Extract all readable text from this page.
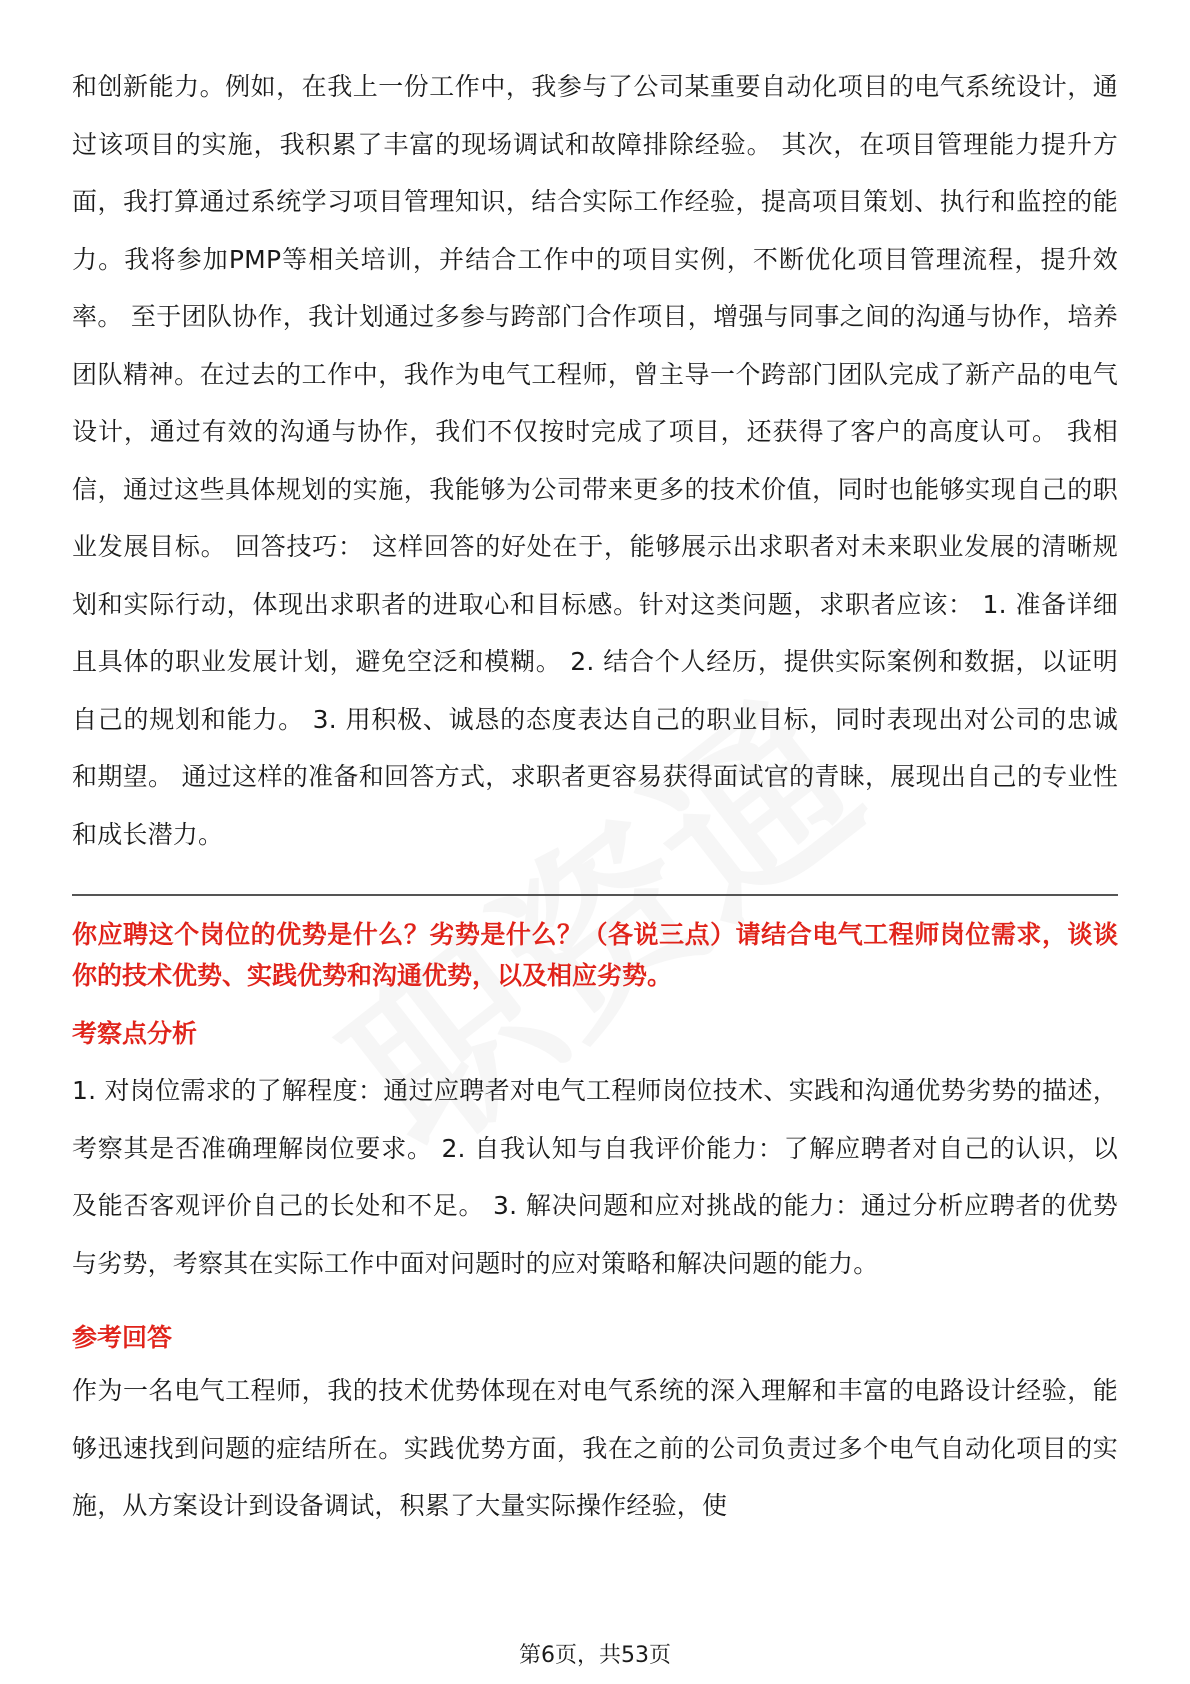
和创新能力。例如，在我上一份工作中，我参与了公司某重要自动化项目的电气系统设计，通过该项目的实施，我积累了丰富的现场调试和故障排除经验。 其次，在项目管理能力提升方面，我打算通过系统学习项目管理知识，结合实际工作经验，提高项目策划、执行和监控的能力。我将参加PMP等相关培训，并结合工作中的项目实例，不断优化项目管理流程，提升效率。 至于团队协作，我计划通过多参与跨部门合作项目，增强与同事之间的沟通与协作，培养团队精神。在过去的工作中，我作为电气工程师，曾主导一个跨部门团队完成了新产品的电气设计，通过有效的沟通与协作，我们不仅按时完成了项目，还获得了客户的高度认可。 我相信，通过这些具体规划的实施，我能够为公司带来更多的技术价值，同时也能够实现自己的职业发展目标。 回答技巧： 这样回答的好处在于，能够展示出求职者对未来职业发展的清晰规划和实际行动，体现出求职者的进取心和目标感。针对这类问题，求职者应该： 1. 准备详细且具体的职业发展计划，避免空泛和模糊。 2. 结合个人经历，提供实际案例和数据，以证明自己的规划和能力。 3. 用积极、诚恳的态度表达自己的职业目标，同时表现出对公司的忠诚和期望。 通过这样的准备和回答方式，求职者更容易获得面试官的青睐，展现出自己的专业性和成长潜力。

你应聘这个岗位的优势是什么？劣势是什么？（各说三点）请结合电气工程师岗位需求，谈谈你的技术优势、实践优势和沟通优势，以及相应劣势。

考察点分析

1. 对岗位需求的了解程度：通过应聘者对电气工程师岗位技术、实践和沟通优势劣势的描述，考察其是否准确理解岗位要求。 2. 自我认知与自我评价能力：了解应聘者对自己的认识，以及能否客观评价自己的长处和不足。 3. 解决问题和应对挑战的能力：通过分析应聘者的优势与劣势，考察其在实际工作中面对问题时的应对策略和解决问题的能力。

参考回答

作为一名电气工程师，我的技术优势体现在对电气系统的深入理解和丰富的电路设计经验，能够迅速找到问题的症结所在。实践优势方面，我在之前的公司负责过多个电气自动化项目的实施，从方案设计到设备调试，积累了大量实际操作经验，使

第6页，共53页
